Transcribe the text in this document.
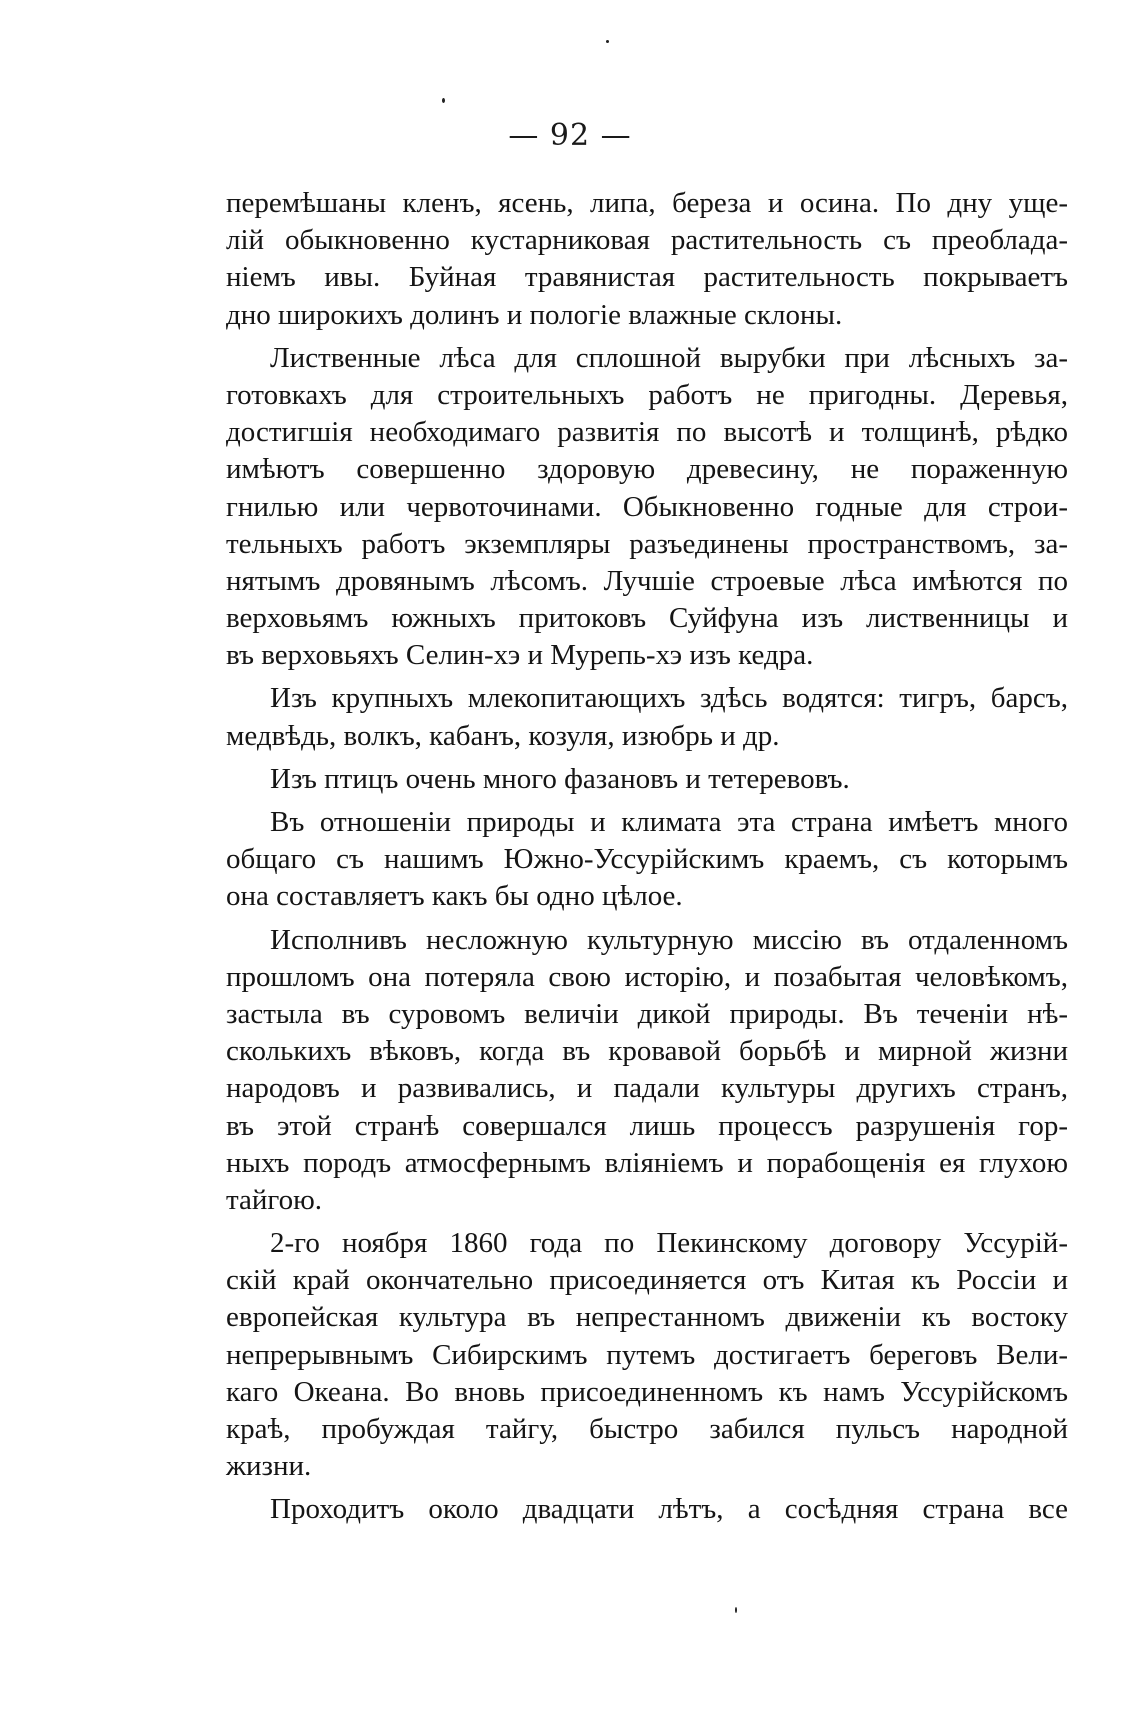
— 92 —
перемѣшаны кленъ, ясень, липа, береза и осина. По дну уще-
лій обыкновенно кустарниковая растительность съ преоблада-
ніемъ ивы. Буйная травянистая растительность покрываетъ
дно широкихъ долинъ и пологіе влажные склоны.
Лиственные лѣса для сплошной вырубки при лѣсныхъ за-
готовкахъ для строительныхъ работъ не пригодны. Деревья,
достигшія необходимаго развитія по высотѣ и толщинѣ, рѣдко
имѣютъ совершенно здоровую древесину, не пораженную
гнилью или червоточинами. Обыкновенно годные для строи-
тельныхъ работъ экземпляры разъединены пространствомъ, за-
нятымъ дровянымъ лѣсомъ. Лучшіе строевые лѣса имѣются по
верховьямъ южныхъ притоковъ Суйфуна изъ лиственницы и
въ верховьяхъ Селин-хэ и Мурепь-хэ изъ кедра.
Изъ крупныхъ млекопитающихъ здѣсь водятся: тигръ, барсъ,
медвѣдь, волкъ, кабанъ, козуля, изюбрь и др.
Изъ птицъ очень много фазановъ и тетеревовъ.
Въ отношеніи природы и климата эта страна имѣетъ много
общаго съ нашимъ Южно-Уссурійскимъ краемъ, съ которымъ
она составляетъ какъ бы одно цѣлое.
Исполнивъ несложную культурную миссію въ отдаленномъ
прошломъ она потеряла свою исторію, и позабытая человѣкомъ,
застыла въ суровомъ величіи дикой природы. Въ теченіи нѣ-
сколькихъ вѣковъ, когда въ кровавой борьбѣ и мирной жизни
народовъ и развивались, и падали культуры другихъ странъ,
въ этой странѣ совершался лишь процессъ разрушенія гор-
ныхъ породъ атмосфернымъ вліяніемъ и порабощенія ея глухою
тайгою.
2-го ноября 1860 года по Пекинскому договору Уссурій-
скій край окончательно присоединяется отъ Китая къ Россіи и
европейская культура въ непрестанномъ движеніи къ востоку
непрерывнымъ Сибирскимъ путемъ достигаетъ береговъ Вели-
каго Океана. Во вновь присоединенномъ къ намъ Уссурійскомъ
краѣ, пробуждая тайгу, быстро забился пульсъ народной
жизни.
Проходитъ около двадцати лѣтъ, а сосѣдняя страна все
